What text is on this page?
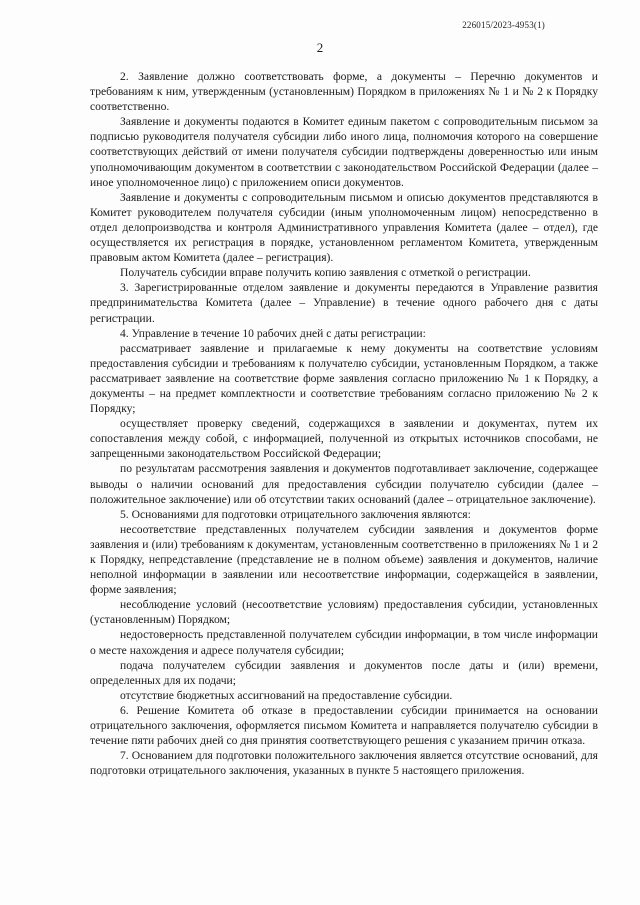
226015/2023-4953(1)
2

2. Заявление должно соответствовать форме, а документы – Перечню документов и требованиям к ним, утвержденным (установленным) Порядком в приложениях № 1 и № 2 к Порядку соответственно.

Заявление и документы подаются в Комитет единым пакетом с сопроводительным письмом за подписью руководителя получателя субсидии либо иного лица, полномочия которого на совершение соответствующих действий от имени получателя субсидии подтверждены доверенностью или иным уполномочивающим документом в соответствии с законодательством Российской Федерации (далее – иное уполномоченное лицо) с приложением описи документов.

Заявление и документы с сопроводительным письмом и описью документов представляются в Комитет руководителем получателя субсидии (иным уполномоченным лицом) непосредственно в отдел делопроизводства и контроля Административного управления Комитета (далее – отдел), где осуществляется их регистрация в порядке, установленном регламентом Комитета, утвержденным правовым актом Комитета (далее – регистрация).

Получатель субсидии вправе получить копию заявления с отметкой о регистрации.

3. Зарегистрированные отделом заявление и документы передаются в Управление развития предпринимательства Комитета (далее – Управление) в течение одного рабочего дня с даты регистрации.

4. Управление в течение 10 рабочих дней с даты регистрации:

рассматривает заявление и прилагаемые к нему документы на соответствие условиям предоставления субсидии и требованиям к получателю субсидии, установленным Порядком, а также рассматривает заявление на соответствие форме заявления согласно приложению № 1 к Порядку, а документы – на предмет комплектности и соответствие требованиям согласно приложению № 2 к Порядку;

осуществляет проверку сведений, содержащихся в заявлении и документах, путем их сопоставления между собой, с информацией, полученной из открытых источников способами, не запрещенными законодательством Российской Федерации;

по результатам рассмотрения заявления и документов подготавливает заключение, содержащее выводы о наличии оснований для предоставления субсидии получателю субсидии (далее – положительное заключение) или об отсутствии таких оснований (далее – отрицательное заключение).

5. Основаниями для подготовки отрицательного заключения являются:

несоответствие представленных получателем субсидии заявления и документов форме заявления и (или) требованиям к документам, установленным соответственно в приложениях № 1 и 2 к Порядку, непредставление (представление не в полном объеме) заявления и документов, наличие неполной информации в заявлении или несоответствие информации, содержащейся в заявлении, форме заявления;

несоблюдение условий (несоответствие условиям) предоставления субсидии, установленных (установленным) Порядком;

недостоверность представленной получателем субсидии информации, в том числе информации о месте нахождения и адресе получателя субсидии;

подача получателем субсидии заявления и документов после даты и (или) времени, определенных для их подачи;

отсутствие бюджетных ассигнований на предоставление субсидии.

6. Решение Комитета об отказе в предоставлении субсидии принимается на основании отрицательного заключения, оформляется письмом Комитета и направляется получателю субсидии в течение пяти рабочих дней со дня принятия соответствующего решения с указанием причин отказа.

7. Основанием для подготовки положительного заключения является отсутствие оснований, для подготовки отрицательного заключения, указанных в пункте 5 настоящего приложения.
